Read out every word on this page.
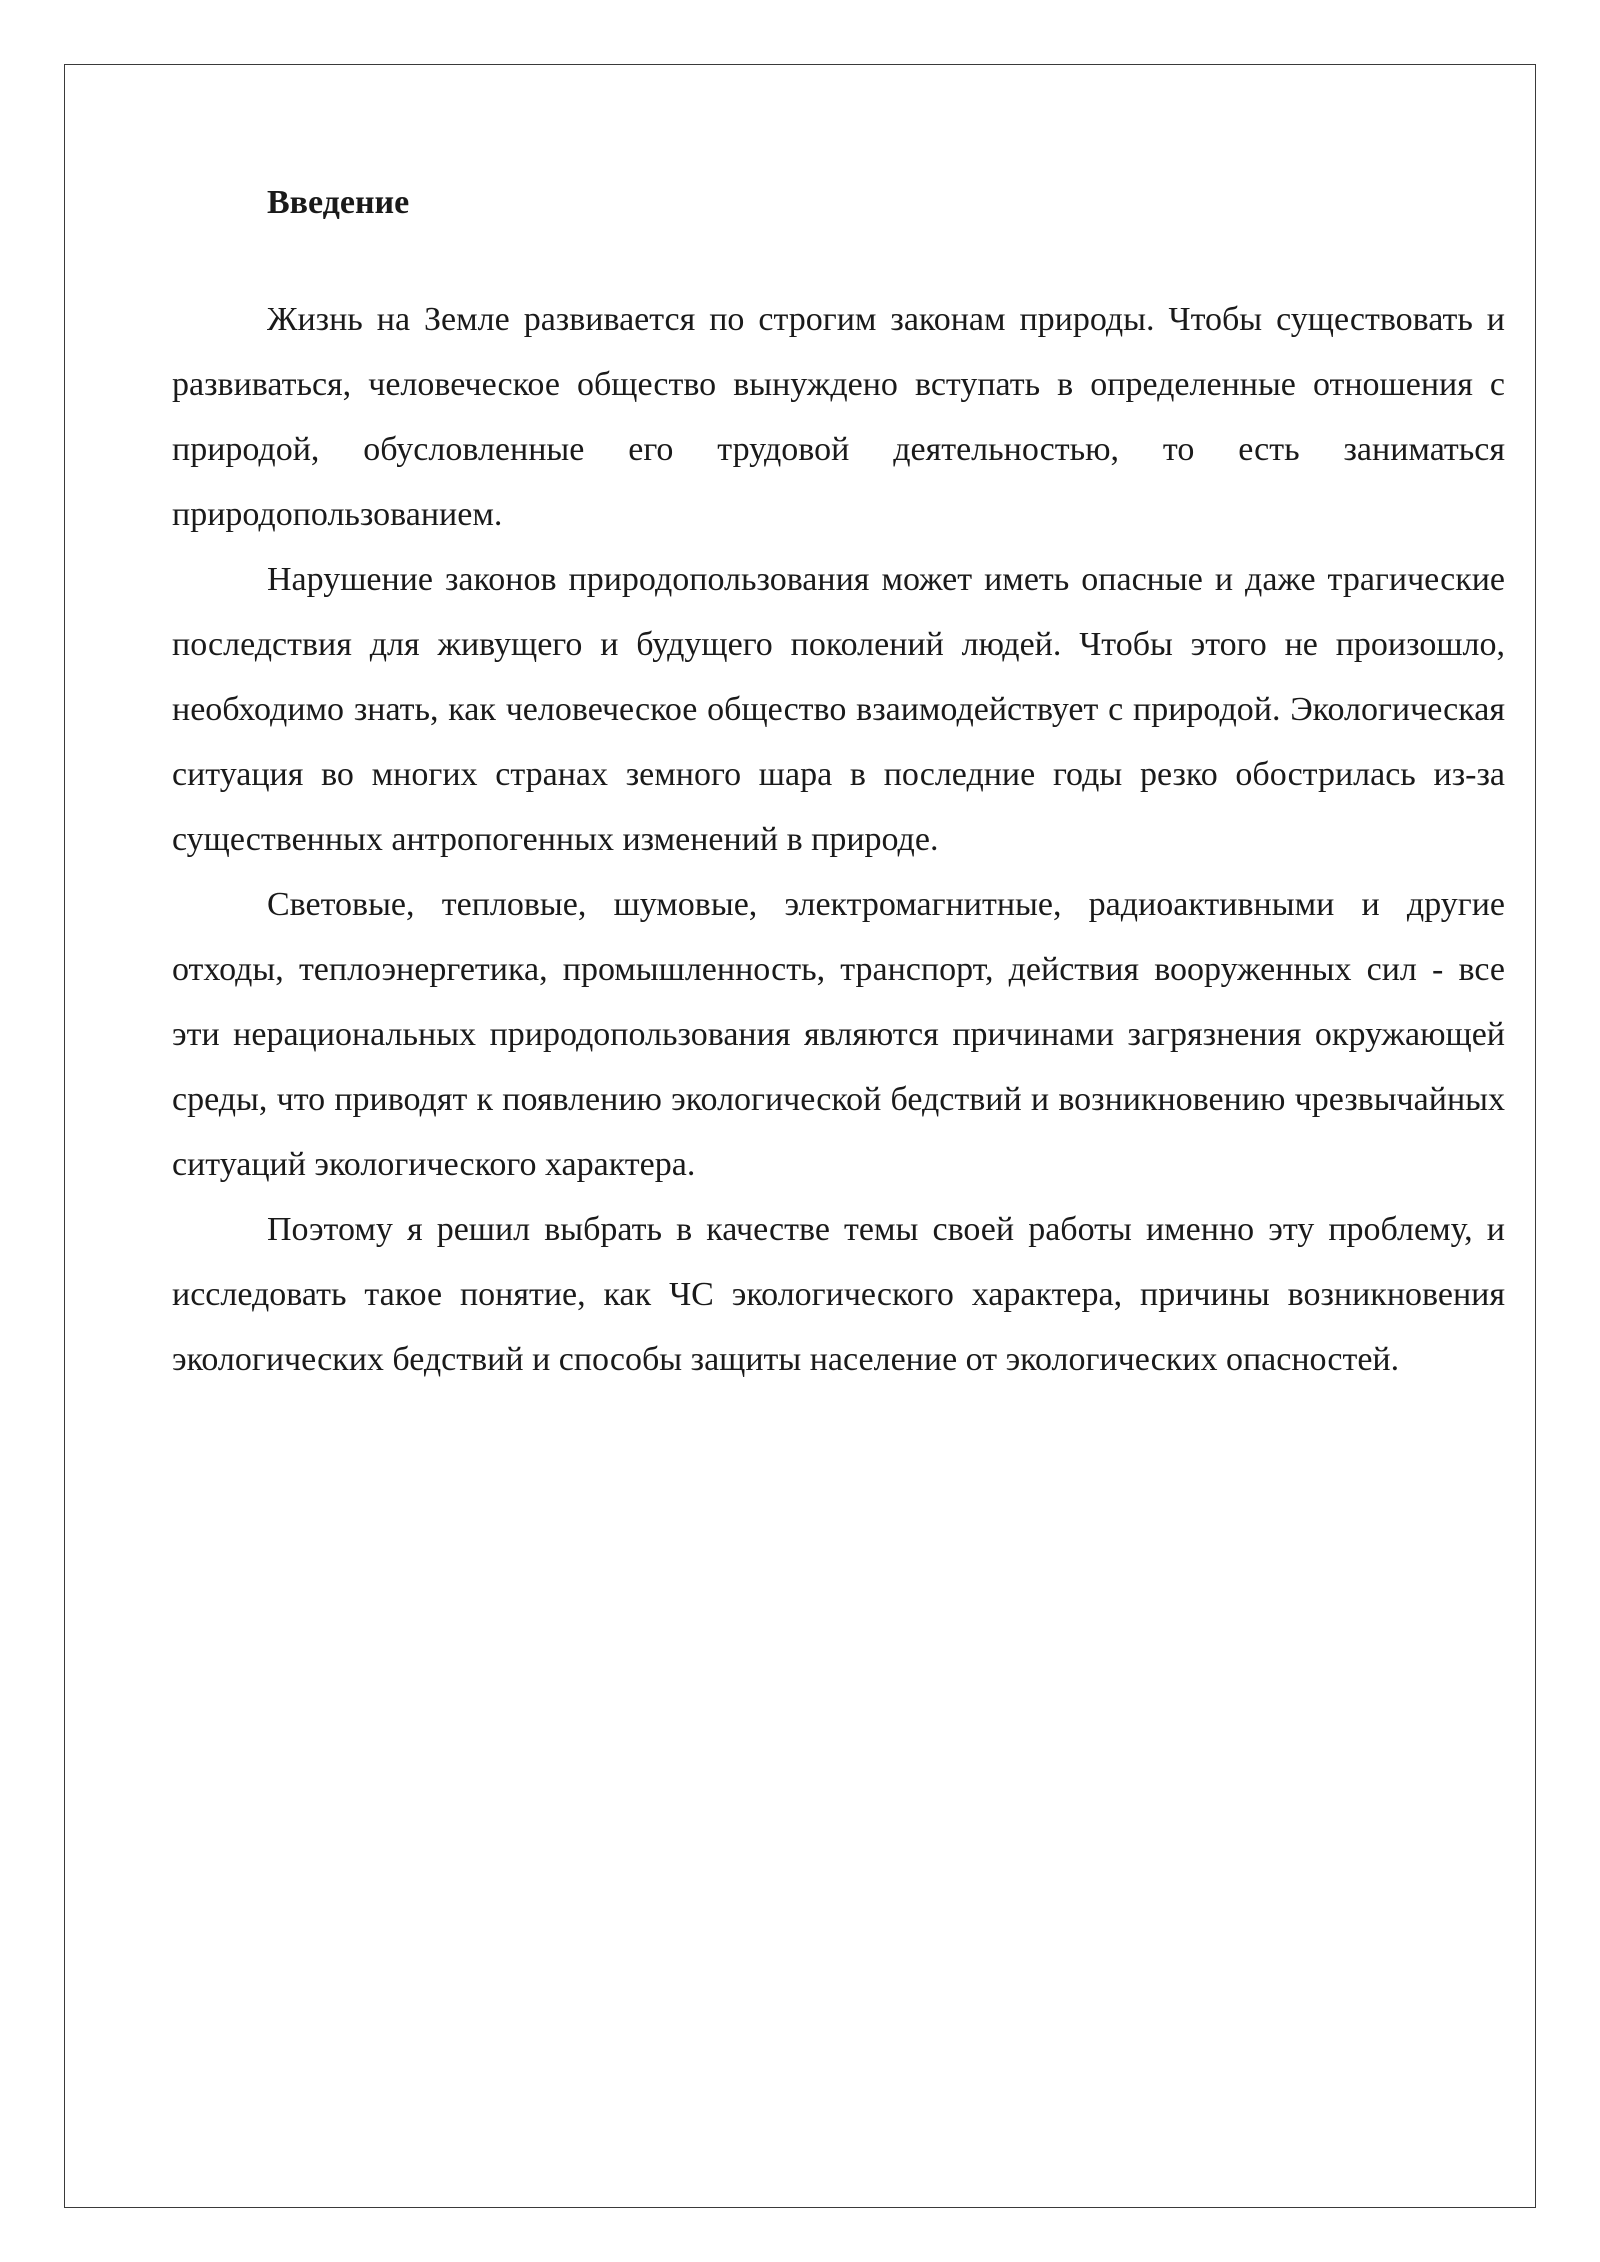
Введение

Жизнь на Земле развивается по строгим законам природы. Чтобы существовать и развиваться, человеческое общество вынуждено вступать в определенные отношения с природой, обусловленные его трудовой деятельностью, то есть заниматься природопользованием.

Нарушение законов природопользования может иметь опасные и даже трагические последствия для живущего и будущего поколений людей. Чтобы этого не произошло, необходимо знать, как человеческое общество взаимодействует с природой. Экологическая ситуация во многих странах земного шара в последние годы резко обострилась из-за существенных антропогенных изменений в природе.

Световые, тепловые, шумовые, электромагнитные, радиоактивными и другие отходы, теплоэнергетика, промышленность, транспорт, действия вооруженных сил - все эти нерациональных природопользования являются причинами загрязнения окружающей среды, что приводят к появлению экологической бедствий и возникновению чрезвычайных ситуаций экологического характера.

Поэтому я решил выбрать в качестве темы своей работы именно эту проблему, и исследовать такое понятие, как ЧС экологического характера, причины возникновения экологических бедствий и способы защиты население от экологических опасностей.
